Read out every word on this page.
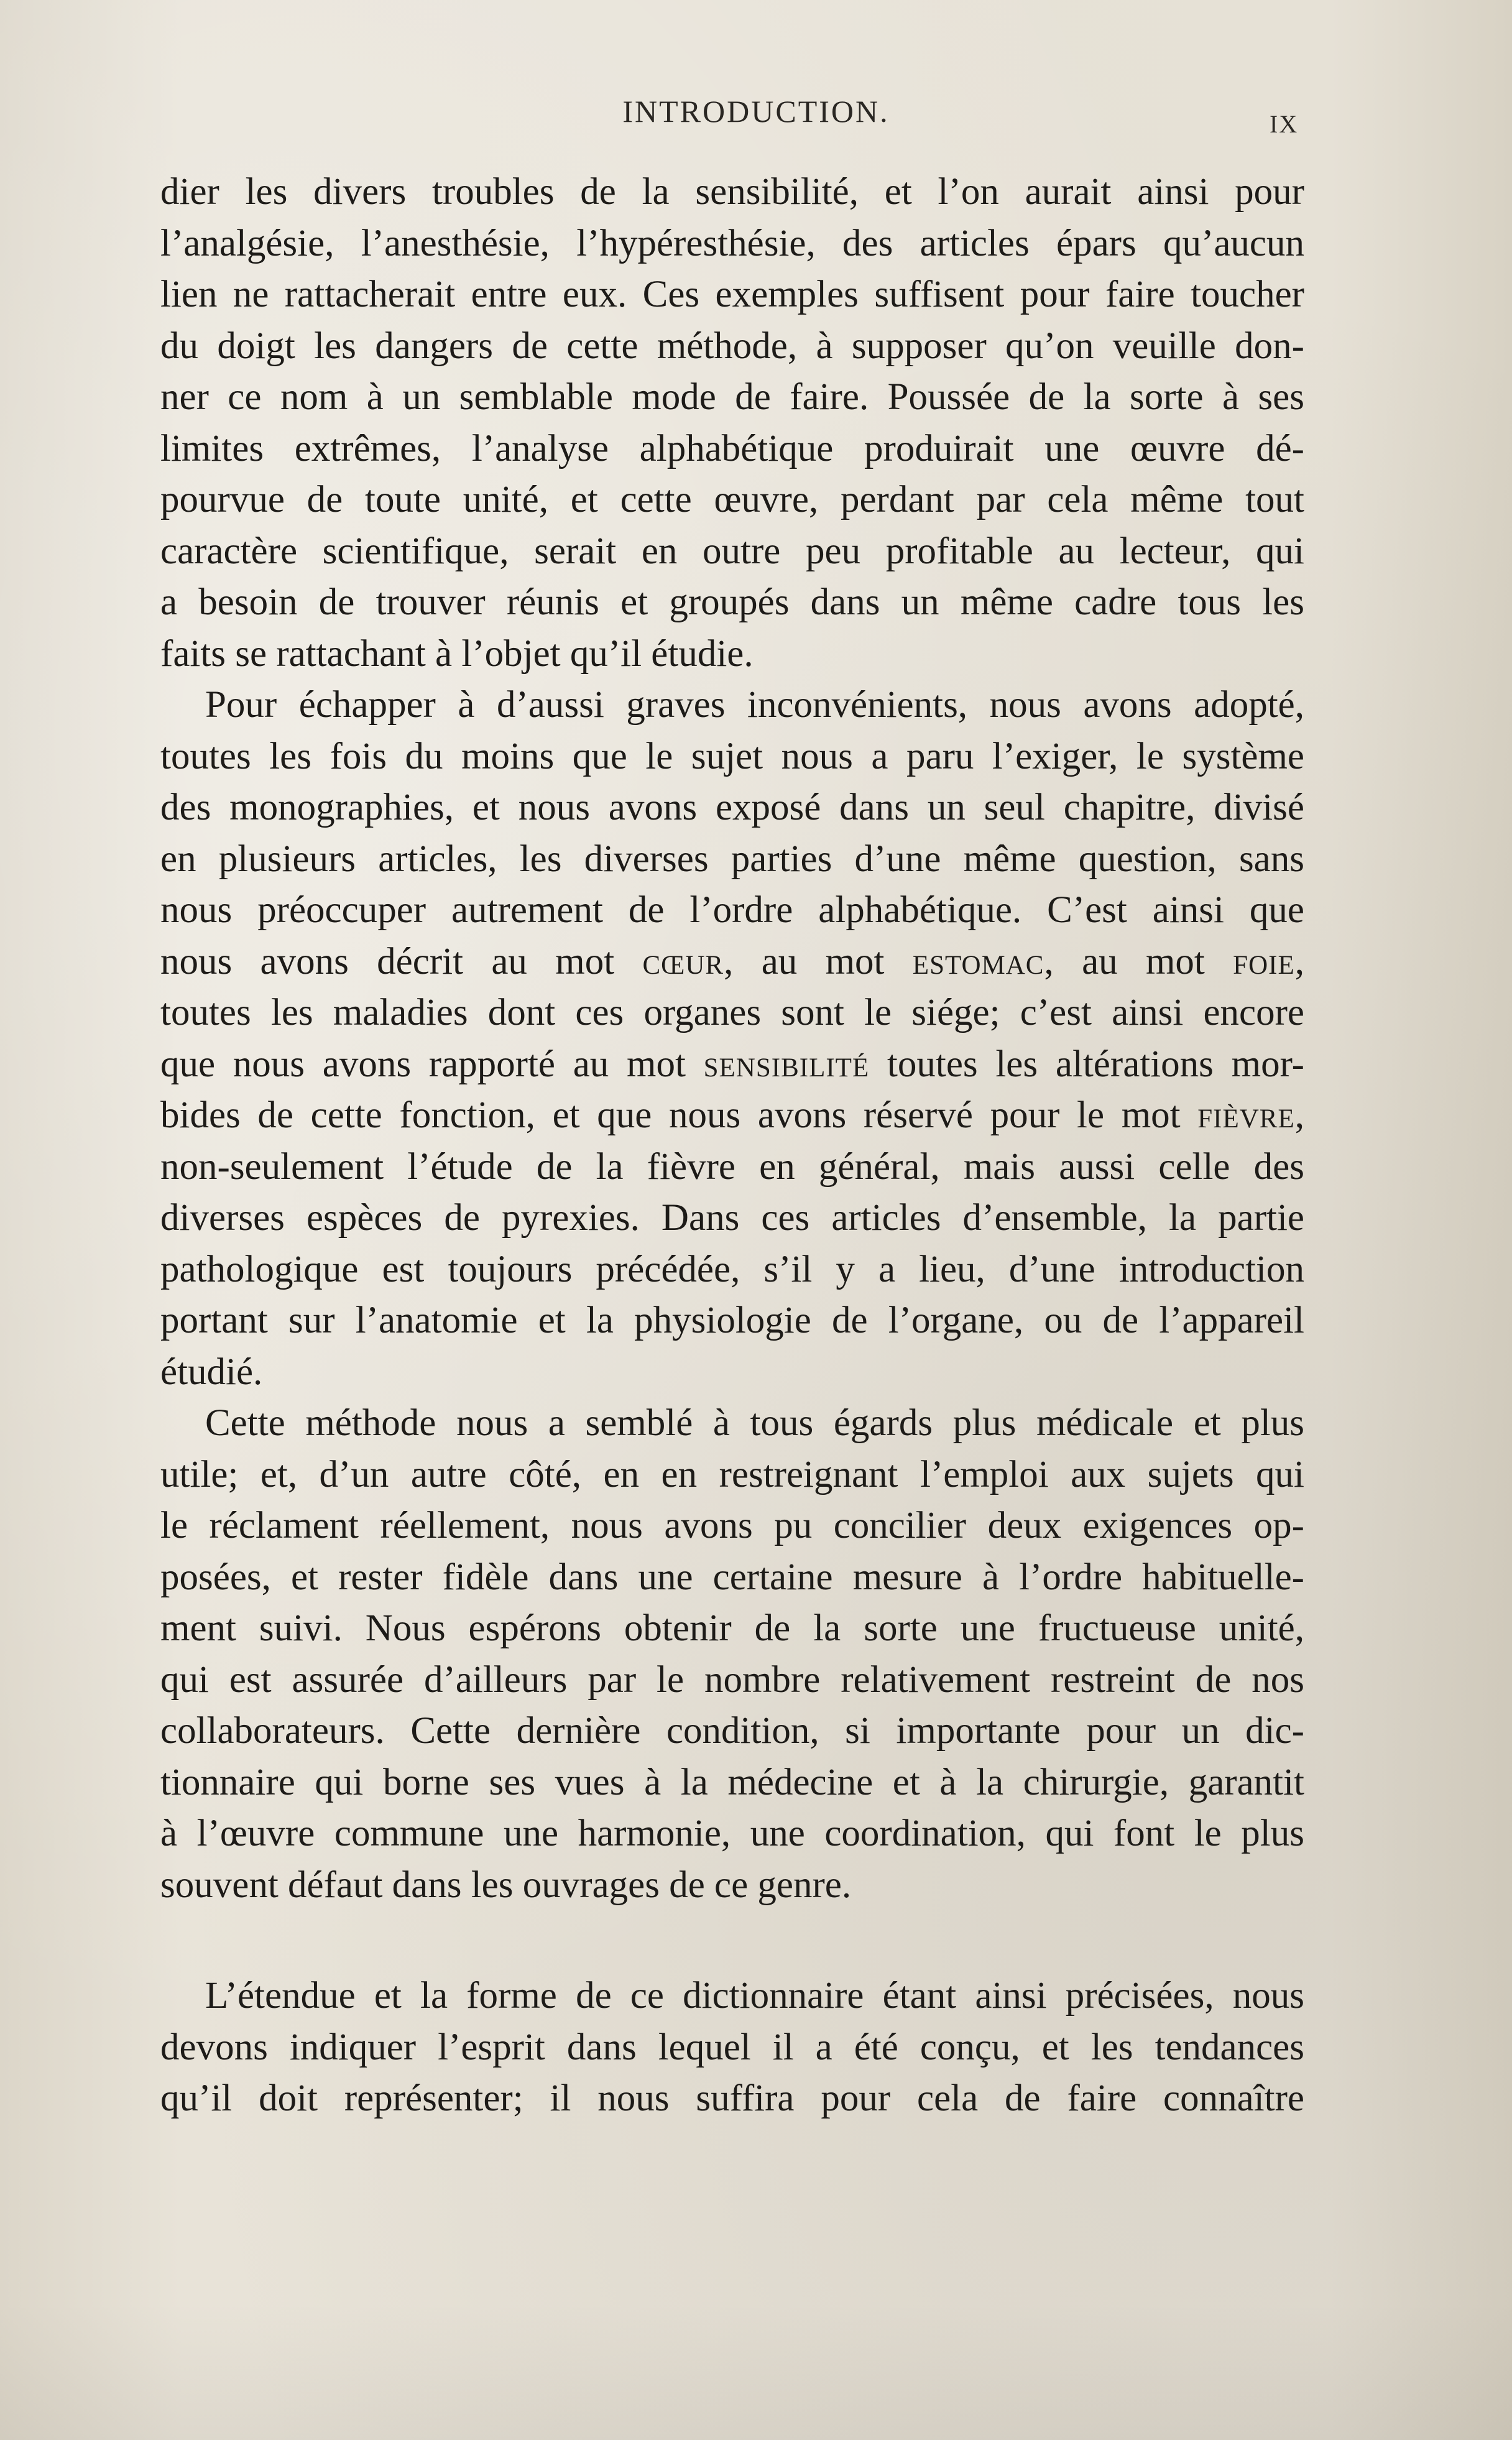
INTRODUCTION.	IX
dier les divers troubles de la sensibilité, et l’on aurait ainsi pour
l’analgésie, l’anesthésie, l’hypéresthésie, des articles épars qu’aucun
lien ne rattacherait entre eux. Ces exemples suffisent pour faire toucher
du doigt les dangers de cette méthode, à supposer qu’on veuille don-
ner ce nom à un semblable mode de faire. Poussée de la sorte à ses
limites extrêmes, l’analyse alphabétique produirait une œuvre dé-
pourvue de toute unité, et cette œuvre, perdant par cela même tout
caractère scientifique, serait en outre peu profitable au lecteur, qui
a besoin de trouver réunis et groupés dans un même cadre tous les
faits se rattachant à l’objet qu’il étudie.
Pour échapper à d’aussi graves inconvénients, nous avons adopté,
toutes les fois du moins que le sujet nous a paru l’exiger, le système
des monographies, et nous avons exposé dans un seul chapitre, divisé
en plusieurs articles, les diverses parties d’une même question, sans
nous préoccuper autrement de l’ordre alphabétique. C’est ainsi que
nous avons décrit au mot cœur, au mot estomac, au mot foie,
toutes les maladies dont ces organes sont le siége; c’est ainsi encore
que nous avons rapporté au mot sensibilité toutes les altérations mor-
bides de cette fonction, et que nous avons réservé pour le mot fièvre,
non-seulement l’étude de la fièvre en général, mais aussi celle des
diverses espèces de pyrexies. Dans ces articles d’ensemble, la partie
pathologique est toujours précédée, s’il y a lieu, d’une introduction
portant sur l’anatomie et la physiologie de l’organe, ou de l’appareil
étudié.
Cette méthode nous a semblé à tous égards plus médicale et plus
utile; et, d’un autre côté, en en restreignant l’emploi aux sujets qui
le réclament réellement, nous avons pu concilier deux exigences op-
posées, et rester fidèle dans une certaine mesure à l’ordre habituelle-
ment suivi. Nous espérons obtenir de la sorte une fructueuse unité,
qui est assurée d’ailleurs par le nombre relativement restreint de nos
collaborateurs. Cette dernière condition, si importante pour un dic-
tionnaire qui borne ses vues à la médecine et à la chirurgie, garantit
à l’œuvre commune une harmonie, une coordination, qui font le plus
souvent défaut dans les ouvrages de ce genre.
L’étendue et la forme de ce dictionnaire étant ainsi précisées, nous
devons indiquer l’esprit dans lequel il a été conçu, et les tendances
qu’il doit représenter; il nous suffira pour cela de faire connaître
